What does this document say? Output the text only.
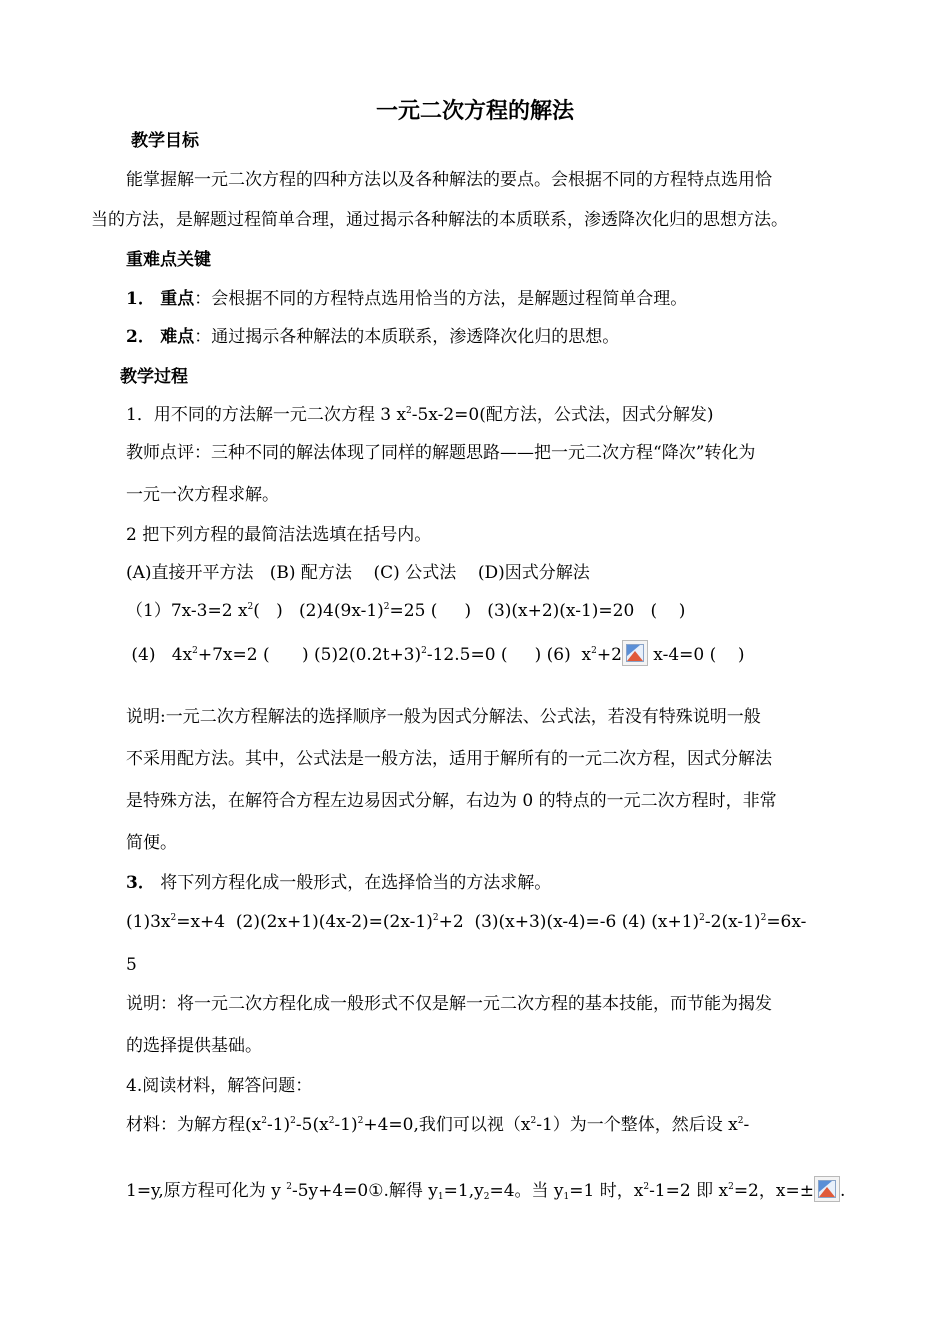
一元二次方程的解法
教学目标
能掌握解一元二次方程的四种方法以及各种解法的要点。会根据不同的方程特点选用恰
当的方法，是解题过程简单合理，通过揭示各种解法的本质联系，渗透降次化归的思想方法。
重难点关键
1． 重点：会根据不同的方程特点选用恰当的方法，是解题过程简单合理。
2． 难点：通过揭示各种解法的本质联系，渗透降次化归的思想。
教学过程
1．用不同的方法解一元二次方程 3 $x^2-5x-2=0$(配方法，公式法，因式分解发)
教师点评：三种不同的解法体现了同样的解题思路——把一元二次方程“降次”转化为
一元一次方程求解。
2 把下列方程的最简洁法选填在括号内。
(A)直接开平方法   (B) 配方法    (C) 公式法    (D)因式分解法
（1）7x-3=2 $x^2$(   )   $(2)4(9x-1)^2=25$ (     )   (3)(x+2)(x-1)=20   (    )
(4)   $4x^2+7x=2$ (      ) $(5)2(0.2t+3)^2-12.5=0$ (     ) (6)  $x^2+2$
x-4=0 (    )
说明:一元二次方程解法的选择顺序一般为因式分解法、公式法，若没有特殊说明一般
不采用配方法。其中，公式法是一般方法，适用于解所有的一元二次方程，因式分解法
是特殊方法，在解符合方程左边易因式分解，右边为 0 的特点的一元二次方程时，非常
简便。
3． 将下列方程化成一般形式，在选择恰当的方法求解。
$(1)3x^2=x+4$  $(2)(2x+1)(4x-2)=(2x-1)^2+2$  (3)(x+3)(x-4)=-6 (4) $(x+1)^2-2(x-1)^2=6x-$
5
说明：将一元二次方程化成一般形式不仅是解一元二次方程的基本技能，而节能为揭发
的选择提供基础。
4.阅读材料，解答问题：
材料：为解方程$(x^2-1)^2-5(x^2-1)^2+4=0$,我们可以视$(x^2-1)$为一个整体，然后设 $x^2-$
1=y,原方程可化为 y $^2$-5y+4=0①.解得 $y_1=1,y_2=4$。当 $y_1=1$ 时，$x^2-1=2$ 即 $x^2=2$，x=± .
